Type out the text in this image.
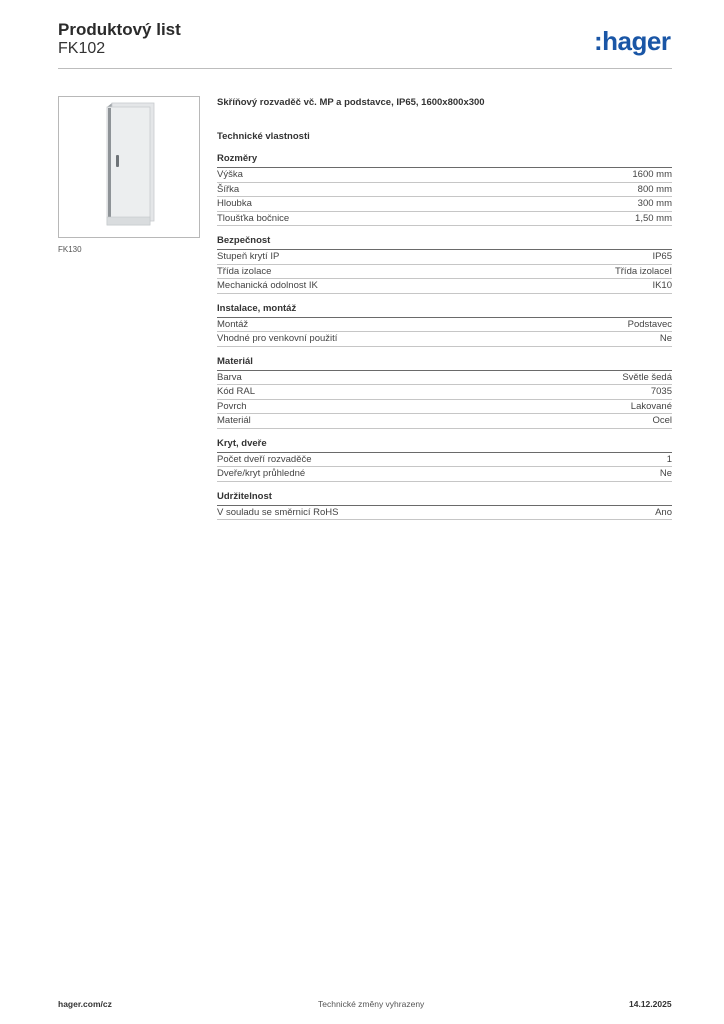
Produktový list
FK102	:hager
FK130
Skříňový rozvaděč vč. MP a podstavce, IP65, 1600x800x300
Technické vlastnosti
Rozměry
Výška	1600 mm
Šířka	800 mm
Hloubka	300 mm
Tloušťka bočnice	1,50 mm
Bezpečnost
Stupeň krytí IP	IP65
Třída izolace	Třída izolaceI
Mechanická odolnost IK	IK10
Instalace, montáž
Montáž	Podstavec
Vhodné pro venkovní použití	Ne
Materiál
Barva	Světle šedá
Kód RAL	7035
Povrch	Lakované
Materiál	Ocel
Kryt, dveře
Počet dveří rozvaděče	1
Dveře/kryt průhledné	Ne
Udržitelnost
V souladu se směrnicí RoHS	Ano
hager.com/cz	Technické změny vyhrazeny	14.12.2025
